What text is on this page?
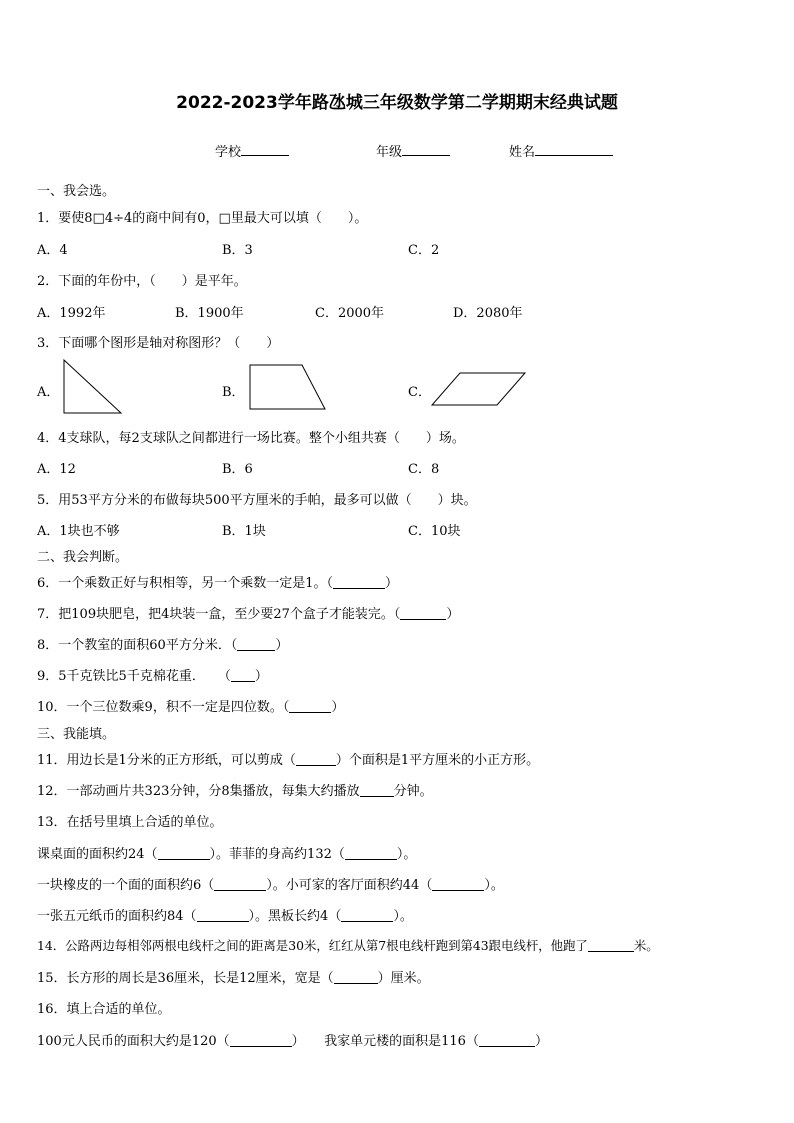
2022-2023学年路氹城三年级数学第二学期期末经典试题
学校	年级	姓名
一、我会选。
1．要使8□4÷4的商中间有0，□里最大可以填（　　）。
A．4	B．3	C．2
2．下面的年份中，（　　）是平年。
A．1992年	B．1900年	C．2000年	D．2080年
3．下面哪个图形是轴对称图形？（　　）
A．	B．	C．
4．4支球队，每2支球队之间都进行一场比赛。整个小组共赛（　　）场。
A．12	B．6	C．8
5．用53平方分米的布做每块500平方厘米的手帕，最多可以做（　　）块。
A．1块也不够	B．1块	C．10块
二、我会判断。
6．一个乘数正好与积相等，另一个乘数一定是1。（	）
7．把109块肥皂，把4块装一盒，至少要27个盒子才能装完。（	）
8．一个教室的面积60平方分米．（	）
9．5千克铁比5千克棉花重．　　（ ）
10．一个三位数乘9，积不一定是四位数。（	）
三、我能填。
11．用边长是1分米的正方形纸，可以剪成（	）个面积是1平方厘米的小正方形。
12．一部动画片共323分钟，分8集播放，每集大约播放	分钟。
13．在括号里填上合适的单位。
课桌面的面积约24（	）。菲菲的身高约132（	）。
一块橡皮的一个面的面积约6（	）。小可家的客厅面积约44（	）。
一张五元纸币的面积约84（	）。黑板长约4（	）。
14．公路两边每相邻两根电线杆之间的距离是30米，红红从第7根电线杆跑到第43跟电线杆，他跑了	米。
15．长方形的周长是36厘米，长是12厘米，宽是（	）厘米。
16．填上合适的单位。
100元人民币的面积大约是120（	）　　我家单元楼的面积是116（	）
